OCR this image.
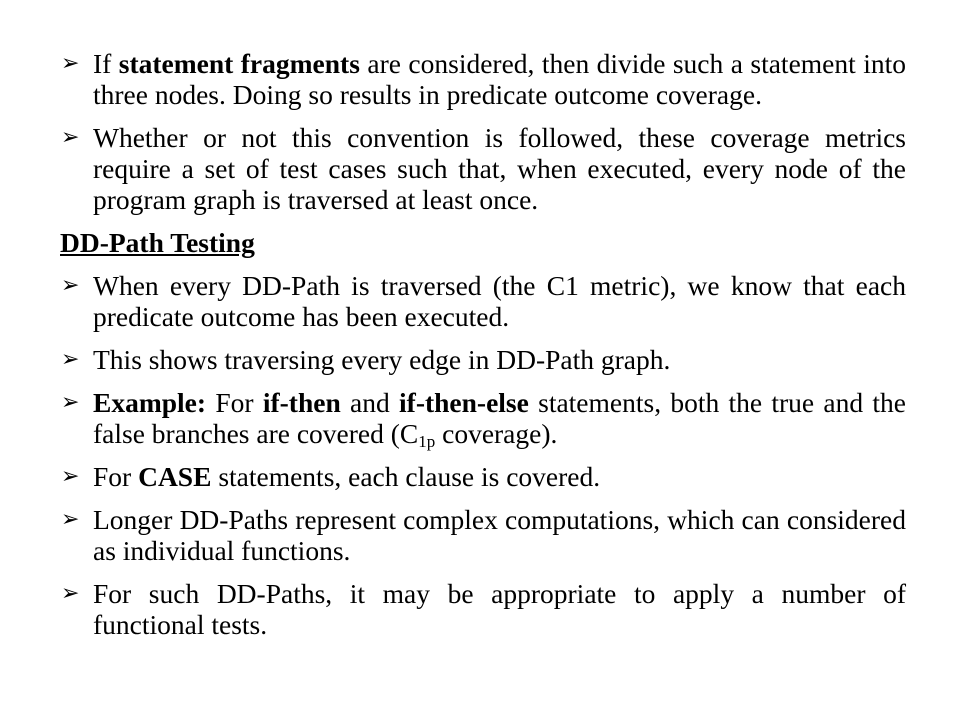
➢ If statement fragments are considered, then divide such a statement into three nodes. Doing so results in predicate outcome coverage.
➢ Whether or not this convention is followed, these coverage metrics require a set of test cases such that, when executed, every node of the program graph is traversed at least once.
DD-Path Testing
➢ When every DD-Path is traversed (the C1 metric), we know that each predicate outcome has been executed.
➢ This shows traversing every edge in DD-Path graph.
➢ Example: For if-then and if-then-else statements, both the true and the false branches are covered ($C_{1p}$ coverage).
➢ For CASE statements, each clause is covered.
➢ Longer DD-Paths represent complex computations, which can considered as individual functions.
➢ For such DD-Paths, it may be appropriate to apply a number of functional tests.
